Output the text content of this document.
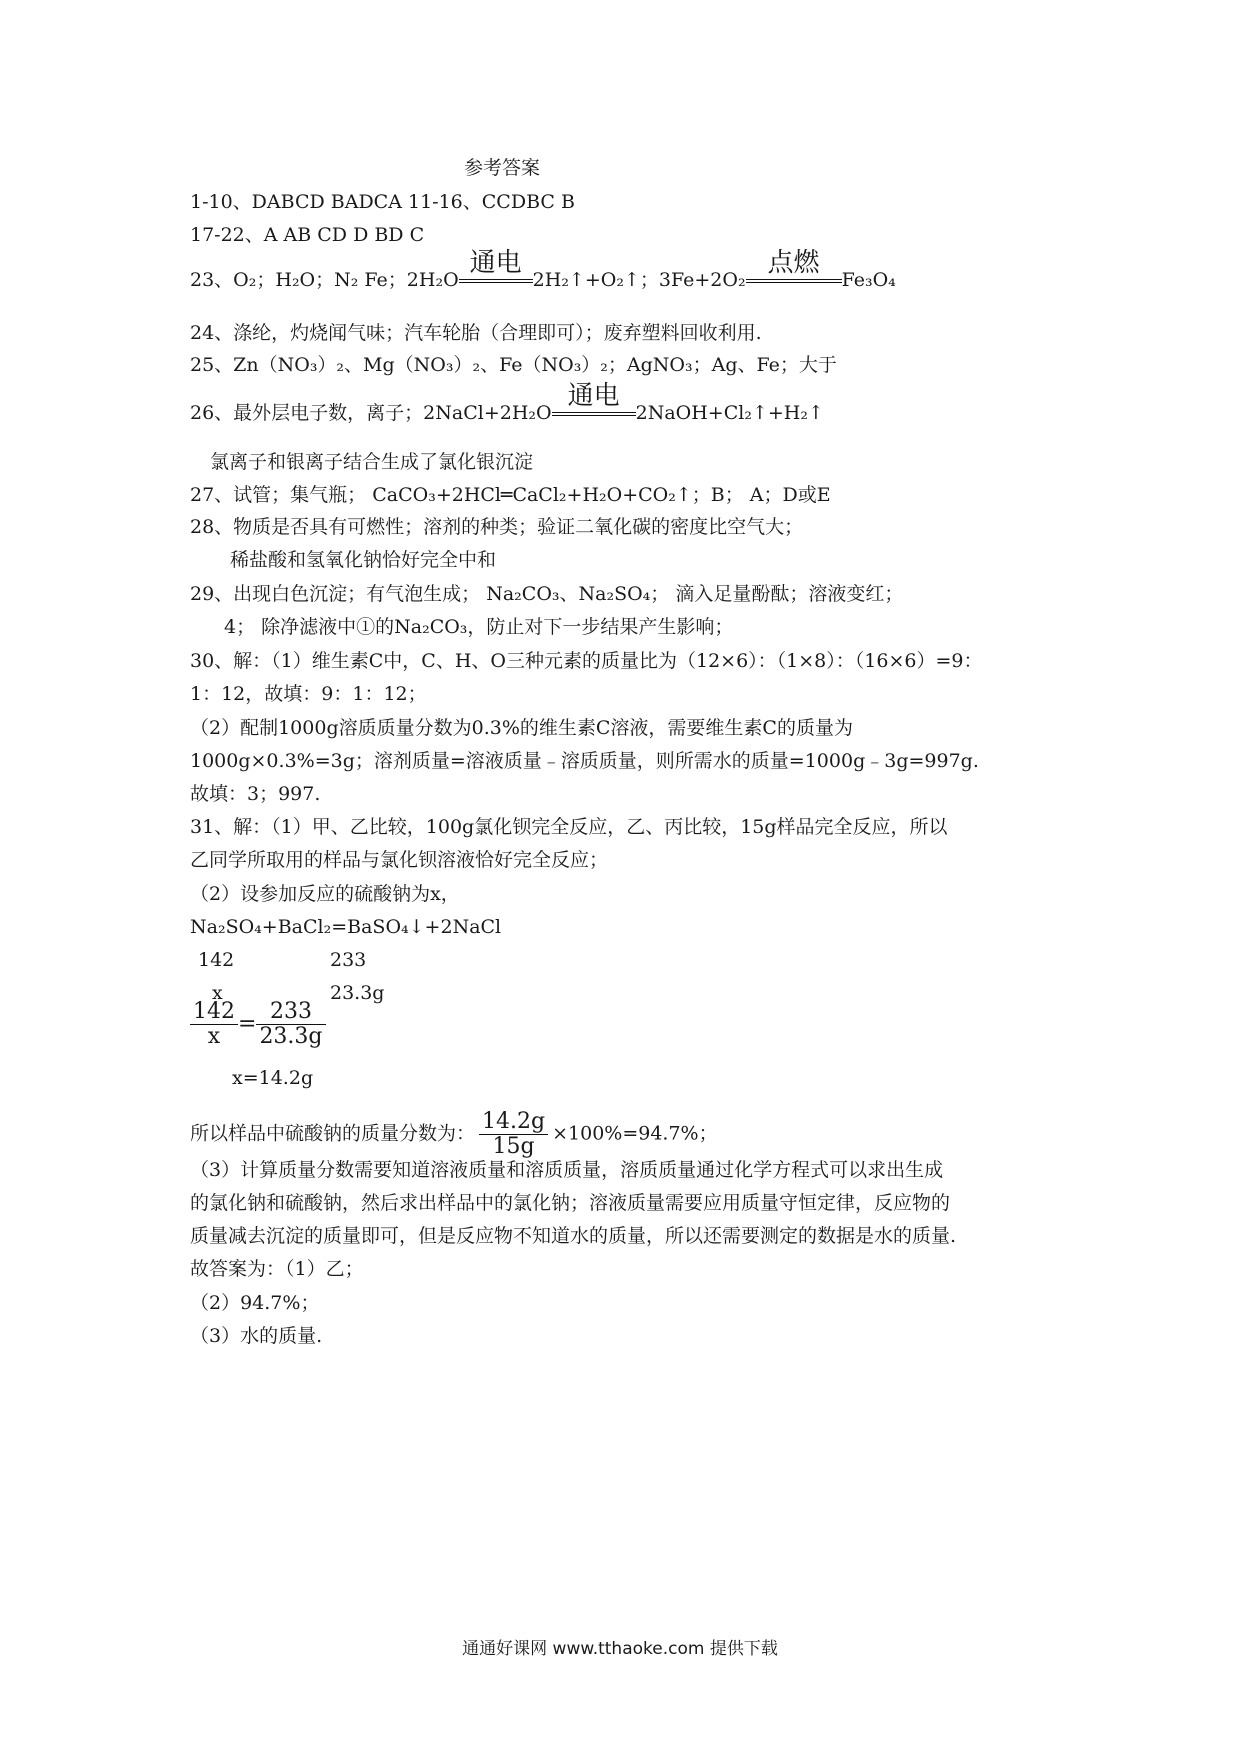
参考答案
1-10、DABCD BADCA 11-16、CCDBC B
17-22、A AB CD D BD C
23、O₂；H₂O；N₂ Fe；2H₂O
通电
2H₂↑+O₂↑；3Fe+2O₂
点燃
Fe₃O₄
24、涤纶，灼烧闻气味；汽车轮胎（合理即可）；废弃塑料回收利用.
25、Zn（NO₃）₂、Mg（NO₃）₂、Fe（NO₃）₂；AgNO₃；Ag、Fe；大于
26、最外层电子数，离子；2NaCl+2H₂O
通电
2NaOH+Cl₂↑+H₂↑
氯离子和银离子结合生成了氯化银沉淀
27、试管；集气瓶； CaCO₃+2HCl═CaCl₂+H₂O+CO₂↑；B； A；D或E
28、物质是否具有可燃性；溶剂的种类；验证二氧化碳的密度比空气大；
稀盐酸和氢氧化钠恰好完全中和
29、出现白色沉淀；有气泡生成； Na₂CO₃、Na₂SO₄； 滴入足量酚酞；溶液变红；
4； 除净滤液中①的Na₂CO₃，防止对下一步结果产生影响；
30、解：（1）维生素C中，C、H、O三种元素的质量比为（12×6）：（1×8）：（16×6）=9：
1：12，故填：9：1：12；
（2）配制1000g溶质质量分数为0.3%的维生素C溶液，需要维生素C的质量为
1000g×0.3%=3g；溶剂质量=溶液质量﹣溶质质量，则所需水的质量=1000g﹣3g=997g.
故填：3；997.
31、解：（1）甲、乙比较，100g氯化钡完全反应，乙、丙比较，15g样品完全反应，所以
乙同学所取用的样品与氯化钡溶液恰好完全反应；
（2）设参加反应的硫酸钠为x，
Na₂SO₄+BaCl₂=BaSO₄↓+2NaCl
142	233
x	23.3g
$\frac{142}{x} = \frac{233}{23.3g}$
x=14.2g
所以样品中硫酸钠的质量分数为： $\frac{14.2g}{15g} \times 100\%=94.7\%$；
（3）计算质量分数需要知道溶液质量和溶质质量，溶质质量通过化学方程式可以求出生成
的氯化钠和硫酸钠，然后求出样品中的氯化钠；溶液质量需要应用质量守恒定律，反应物的
质量减去沉淀的质量即可，但是反应物不知道水的质量，所以还需要测定的数据是水的质量.
故答案为：（1）乙；
（2）94.7%；
（3）水的质量.
通通好课网 www.tthaoke.com 提供下载
